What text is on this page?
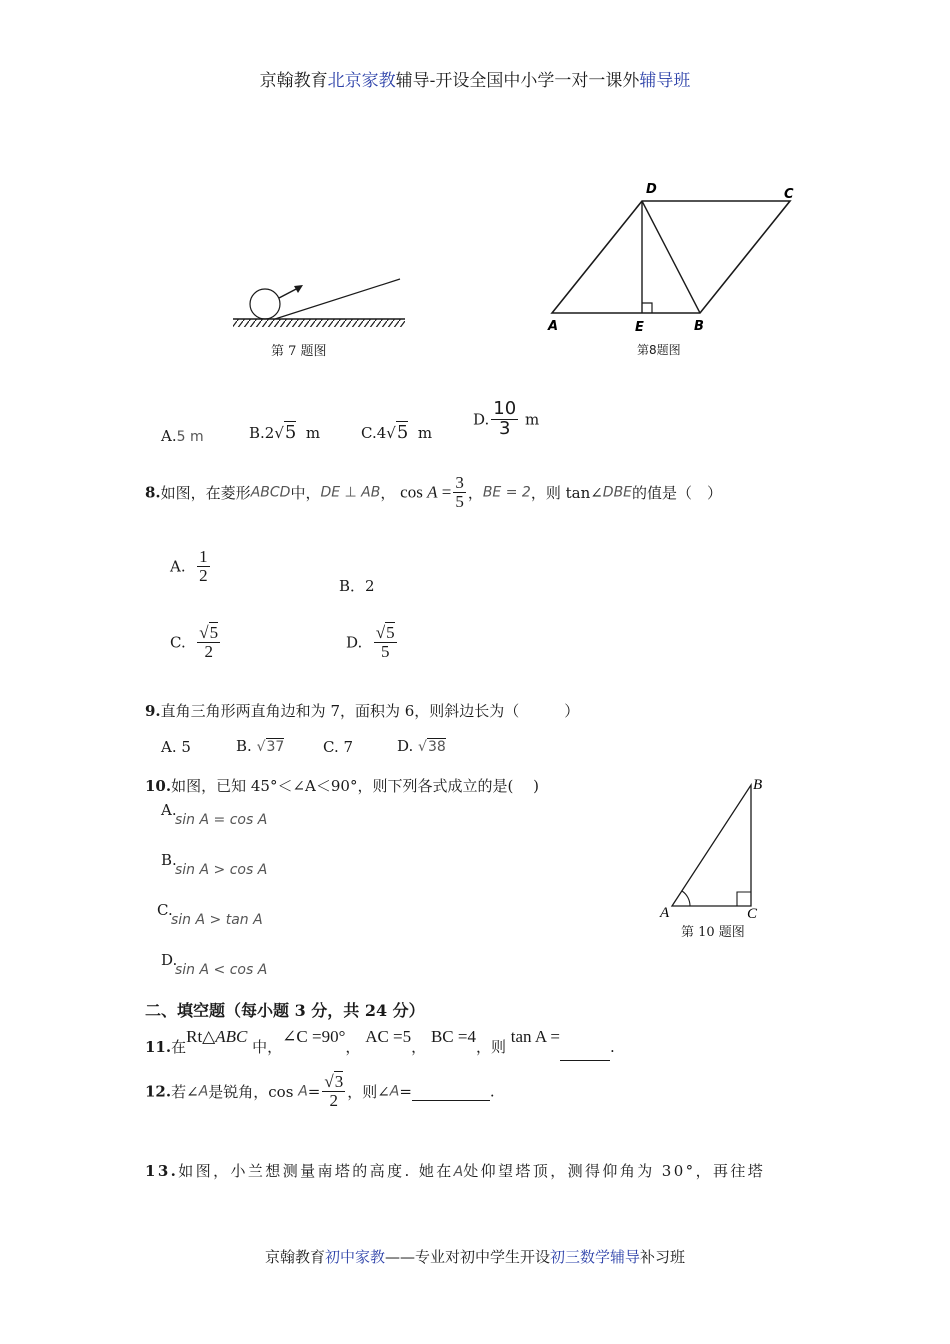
京翰教育北京家教辅导-开设全国中小学一对一课外辅导班
第 7 题图
D	C
A	E	B
第8题图
A.5 m	B.2√5 m	C.4√5 m
D. $\frac{10}{3}$ m
8.如图，在菱形ABCD中，DE ⊥ AB， $\cos A = \frac{3}{5}$ ，BE = 2，则 tan∠DBE的值是（　）
A. $\frac{1}{2}$
B．2
C. $\frac{√5}{2}$	D. $\frac{√5}{5}$
9.直角三角形两直角边和为 7，面积为 6，则斜边长为（　　　）
A. 5	B. √37	C. 7	D. √38
10.如图，已知 45°＜∠A＜90°，则下列各式成立的是(　 )
A.
sin A = cos A
B.
sin A > cos A
C.
sin A > tan A
D.
sin A < cos A
B
A	C
第 10 题图
二、填空题（每小题 3 分，共 24 分）
11.在Rt△ABC 中，∠C =90°， AC =5， BC =4，则 tan A = .
12.若∠A是锐角，$\cos A= \frac{√3}{2}$ ，则∠A=	.
13.如图，小兰想测量南塔的高度. 她在A处仰望塔顶，测得仰角为 30°，再往塔
京翰教育初中家教——专业对初中学生开设初三数学辅导补习班
